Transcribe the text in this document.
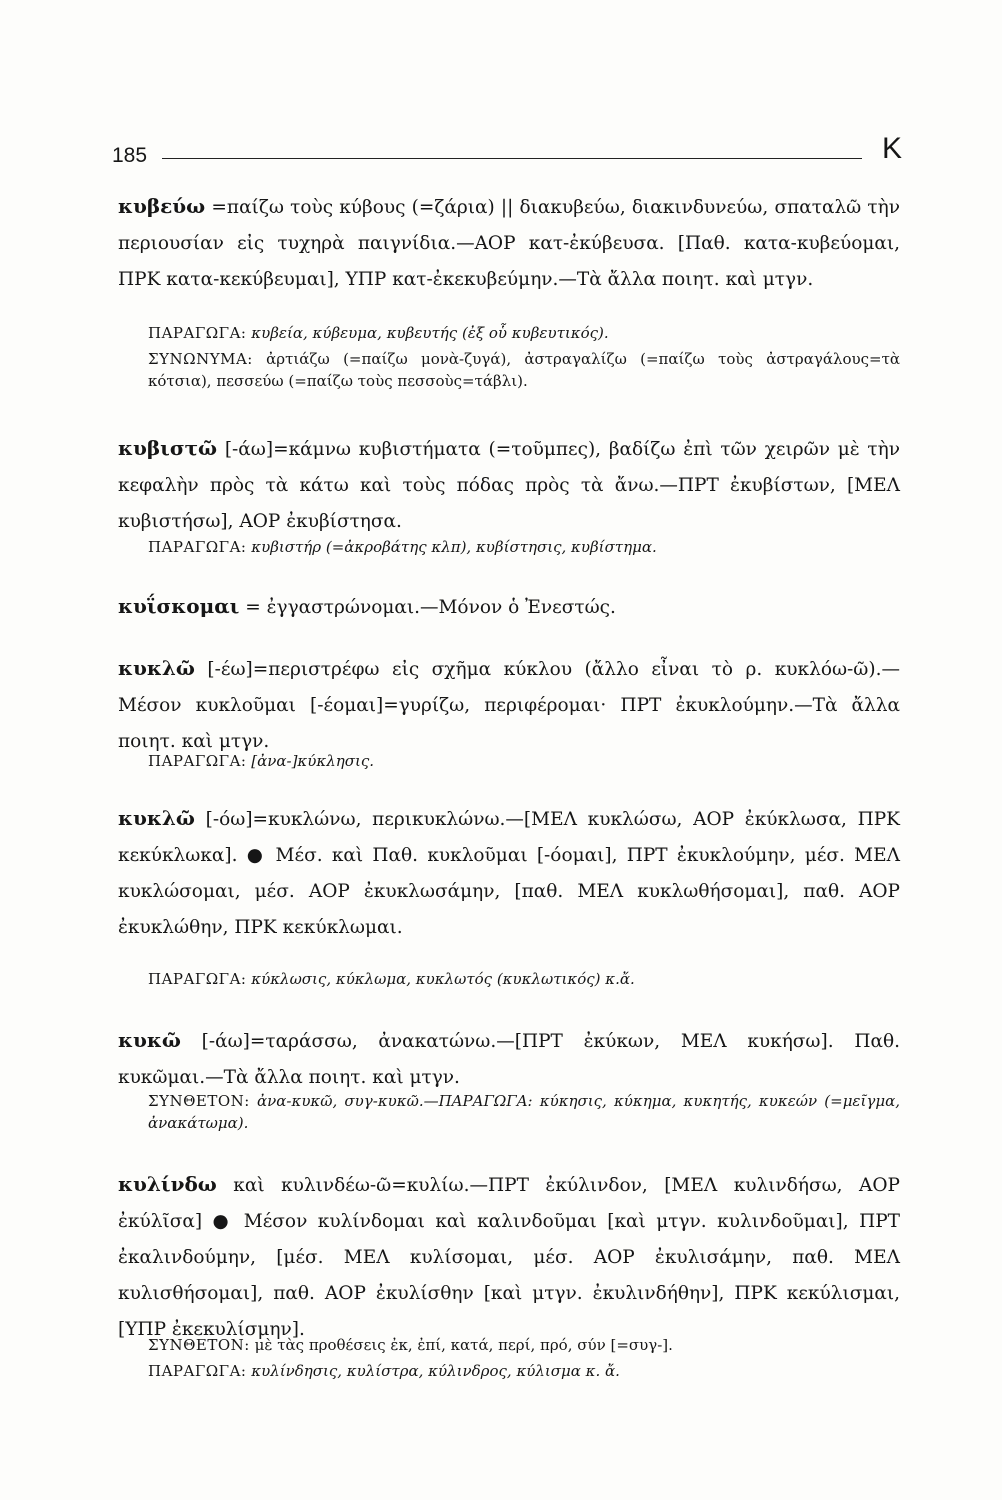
185	Κ

κυβεύω =παίζω τοὺς κύβους (=ζάρια) || διακυβεύω, διακινδυνεύω, σπαταλῶ τὴν περιουσίαν εἰς τυχηρὰ παιγνίδια.—ΑΟΡ κατ-ἐκύβευσα. [Παθ. κατα-κυβεύομαι, ΠΡΚ κατα-κεκύβευμαι], ΥΠΡ κατ-ἐκεκυβεύμην.—Τὰ ἄλλα ποιητ. καὶ μτγν.

ΠΑΡΑΓΩΓΑ: κυβεία, κύβευμα, κυβευτής (ἐξ οὗ κυβευτικός).

ΣΥΝΩΝΥΜΑ: ἀρτιάζω (=παίζω μονὰ-ζυγά), ἀστραγαλίζω (=παίζω τοὺς ἀστραγάλους=τὰ κότσια), πεσσεύω (=παίζω τοὺς πεσσοὺς=τάβλι).

κυβιστῶ [-άω]=κάμνω κυβιστήματα (=τοῦμπες), βαδίζω ἐπὶ τῶν χειρῶν μὲ τὴν κεφαλὴν πρὸς τὰ κάτω καὶ τοὺς πόδας πρὸς τὰ ἄνω.—ΠΡΤ ἐκυβίστων, [ΜΕΛ κυβιστήσω], ΑΟΡ ἐκυβίστησα.

ΠΑΡΑΓΩΓΑ: κυβιστήρ (=ἀκροβάτης κλπ), κυβίστησις, κυβίστημα.

κυΐσκομαι = ἐγγαστρώνομαι.—Μόνον ὁ Ἐνεστώς.

κυκλῶ [-έω]=περιστρέφω εἰς σχῆμα κύκλου (ἄλλο εἶναι τὸ ρ. κυκλόω-ῶ).—Μέσον κυκλοῦμαι [-έομαι]=γυρίζω, περιφέρομαι· ΠΡΤ ἐκυκλούμην.—Τὰ ἄλλα ποιητ. καὶ μτγν.

ΠΑΡΑΓΩΓΑ: [ἀνα-]κύκλησις.

κυκλῶ [-όω]=κυκλώνω, περικυκλώνω.—[ΜΕΛ κυκλώσω, ΑΟΡ ἐκύκλωσα, ΠΡΚ κεκύκλωκα]. ● Μέσ. καὶ Παθ. κυκλοῦμαι [-όομαι], ΠΡΤ ἐκυκλούμην, μέσ. ΜΕΛ κυκλώσομαι, μέσ. ΑΟΡ ἐκυκλωσάμην, [παθ. ΜΕΛ κυκλωθήσομαι], παθ. ΑΟΡ ἐκυκλώθην, ΠΡΚ κεκύκλωμαι.

ΠΑΡΑΓΩΓΑ: κύκλωσις, κύκλωμα, κυκλωτός (κυκλωτικός) κ.ἄ.

κυκῶ [-άω]=ταράσσω, ἀνακατώνω.—[ΠΡΤ ἐκύκων, ΜΕΛ κυκήσω]. Παθ. κυκῶμαι.—Τὰ ἄλλα ποιητ. καὶ μτγν.

ΣΥΝΘΕΤΟΝ: ἀνα-κυκῶ, συγ-κυκῶ.—ΠΑΡΑΓΩΓΑ: κύκησις, κύκημα, κυκητής, κυκεών (=μεῖγμα, ἀνακάτωμα).

κυλίνδω καὶ κυλινδέω-ῶ=κυλίω.—ΠΡΤ ἐκύλινδον, [ΜΕΛ κυλινδήσω, ΑΟΡ ἐκύλῖσα] ● Μέσον κυλίνδομαι καὶ καλινδοῦμαι [καὶ μτγν. κυλινδοῦμαι], ΠΡΤ ἐκαλινδούμην, [μέσ. ΜΕΛ κυλίσομαι, μέσ. ΑΟΡ ἐκυλισάμην, παθ. ΜΕΛ κυλισθήσομαι], παθ. ΑΟΡ ἐκυλίσθην [καὶ μτγν. ἐκυλινδήθην], ΠΡΚ κεκύλισμαι, [ΥΠΡ ἐκεκυλίσμην].

ΣΥΝΘΕΤΟΝ: μὲ τὰς προθέσεις ἐκ, ἐπί, κατά, περί, πρό, σύν [=συγ-].

ΠΑΡΑΓΩΓΑ: κυλίνδησις, κυλίστρα, κύλινδρος, κύλισμα κ. ἄ.
